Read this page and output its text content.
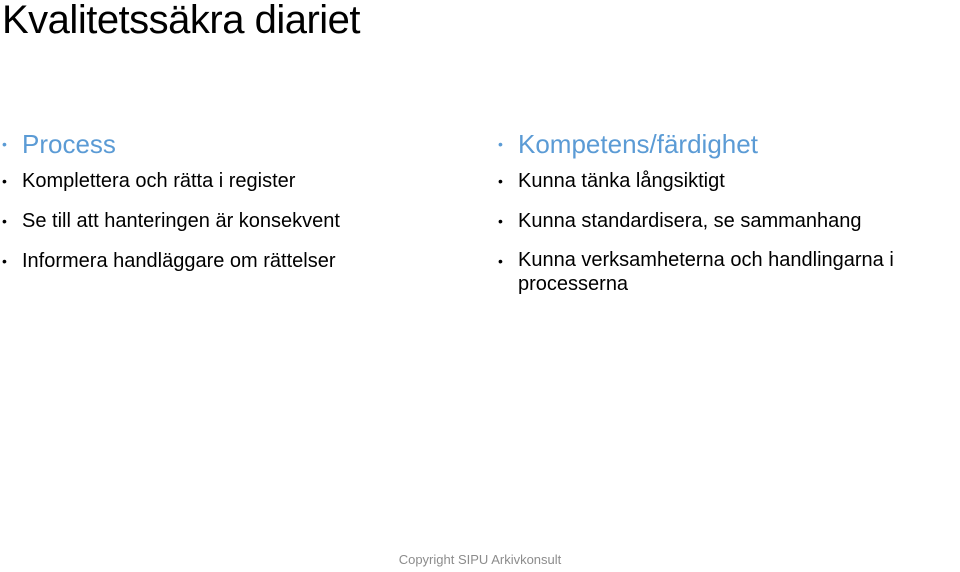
Kvalitetssäkra diariet
• Process
• Komplettera och rätta i register
• Se till att hanteringen är konsekvent
• Informera handläggare om rättelser
• Kompetens/färdighet
• Kunna tänka långsiktigt
• Kunna standardisera, se sammanhang
• Kunna verksamheterna och handlingarna i processerna
Copyright SIPU Arkivkonsult
